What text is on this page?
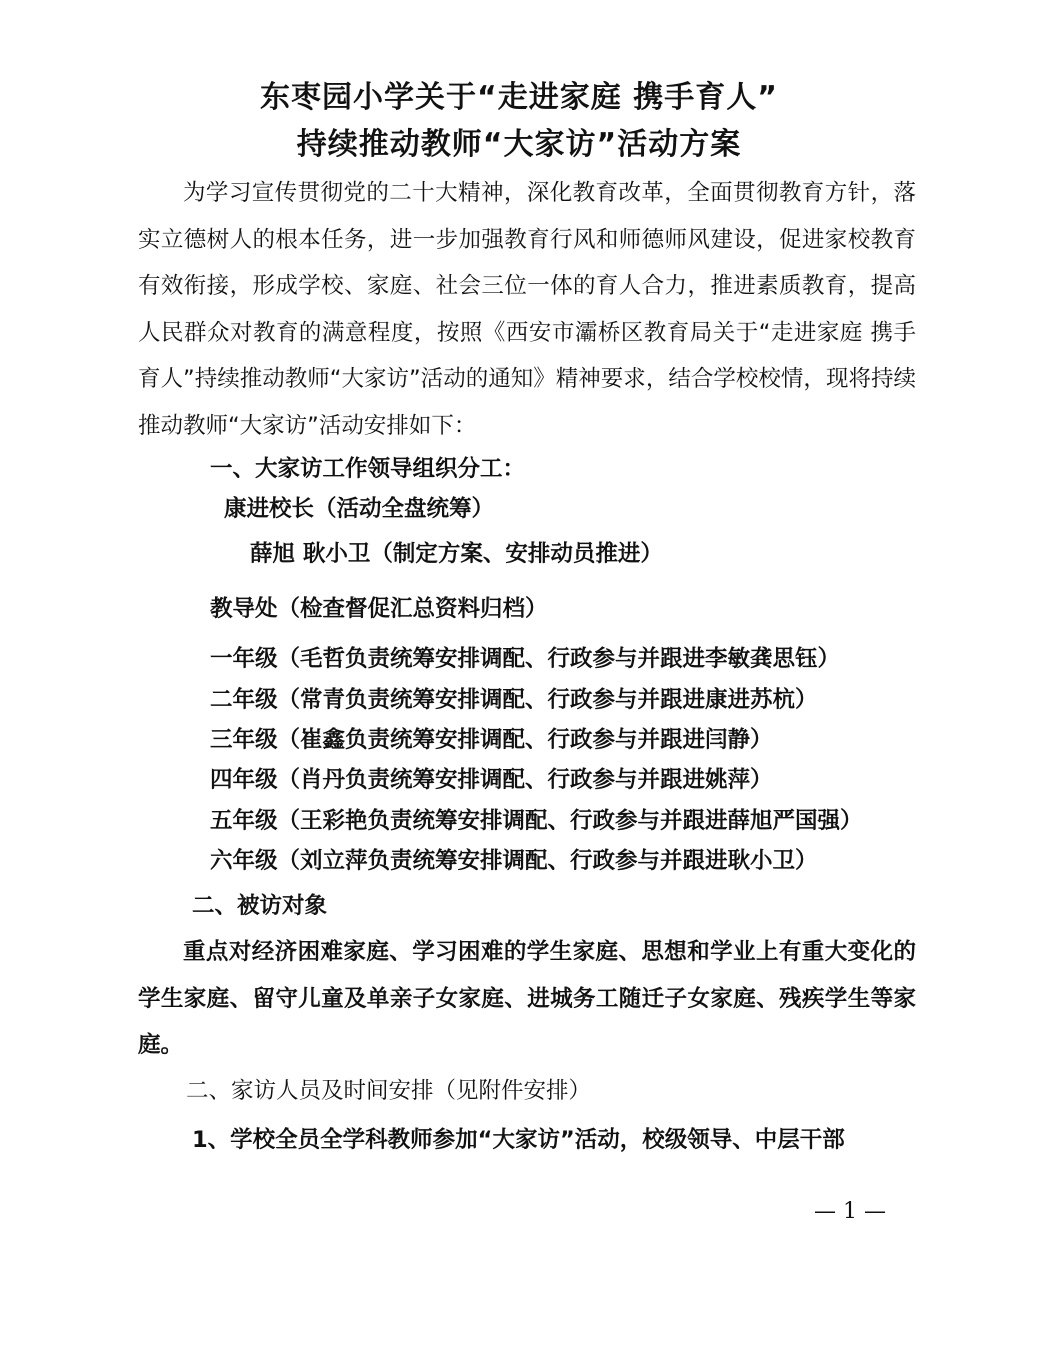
东枣园小学关于“走进家庭 携手育人”
持续推动教师“大家访”活动方案
为学习宣传贯彻党的二十大精神，深化教育改革，全面贯彻教育方针，落实立德树人的根本任务，进一步加强教育行风和师德师风建设，促进家校教育有效衔接，形成学校、家庭、社会三位一体的育人合力，推进素质教育，提高人民群众对教育的满意程度，按照《西安市灞桥区教育局关于“走进家庭 携手育人”持续推动教师“大家访”活动的通知》精神要求，结合学校校情，现将持续推动教师“大家访”活动安排如下：
一、大家访工作领导组织分工：
康进校长（活动全盘统筹）
薛旭 耿小卫（制定方案、安排动员推进）
教导处（检查督促汇总资料归档）
一年级（毛哲负责统筹安排调配、行政参与并跟进李敏龚思钰）
二年级（常青负责统筹安排调配、行政参与并跟进康进苏杭）
三年级（崔鑫负责统筹安排调配、行政参与并跟进闫静）
四年级（肖丹负责统筹安排调配、行政参与并跟进姚萍）
五年级（王彩艳负责统筹安排调配、行政参与并跟进薛旭严国强）
六年级（刘立萍负责统筹安排调配、行政参与并跟进耿小卫）
二、被访对象
重点对经济困难家庭、学习困难的学生家庭、思想和学业上有重大变化的学生家庭、留守儿童及单亲子女家庭、进城务工随迁子女家庭、残疾学生等家庭。
二、家访人员及时间安排（见附件安排）
1、学校全员全学科教师参加“大家访”活动，校级领导、中层干部
— 1 —
